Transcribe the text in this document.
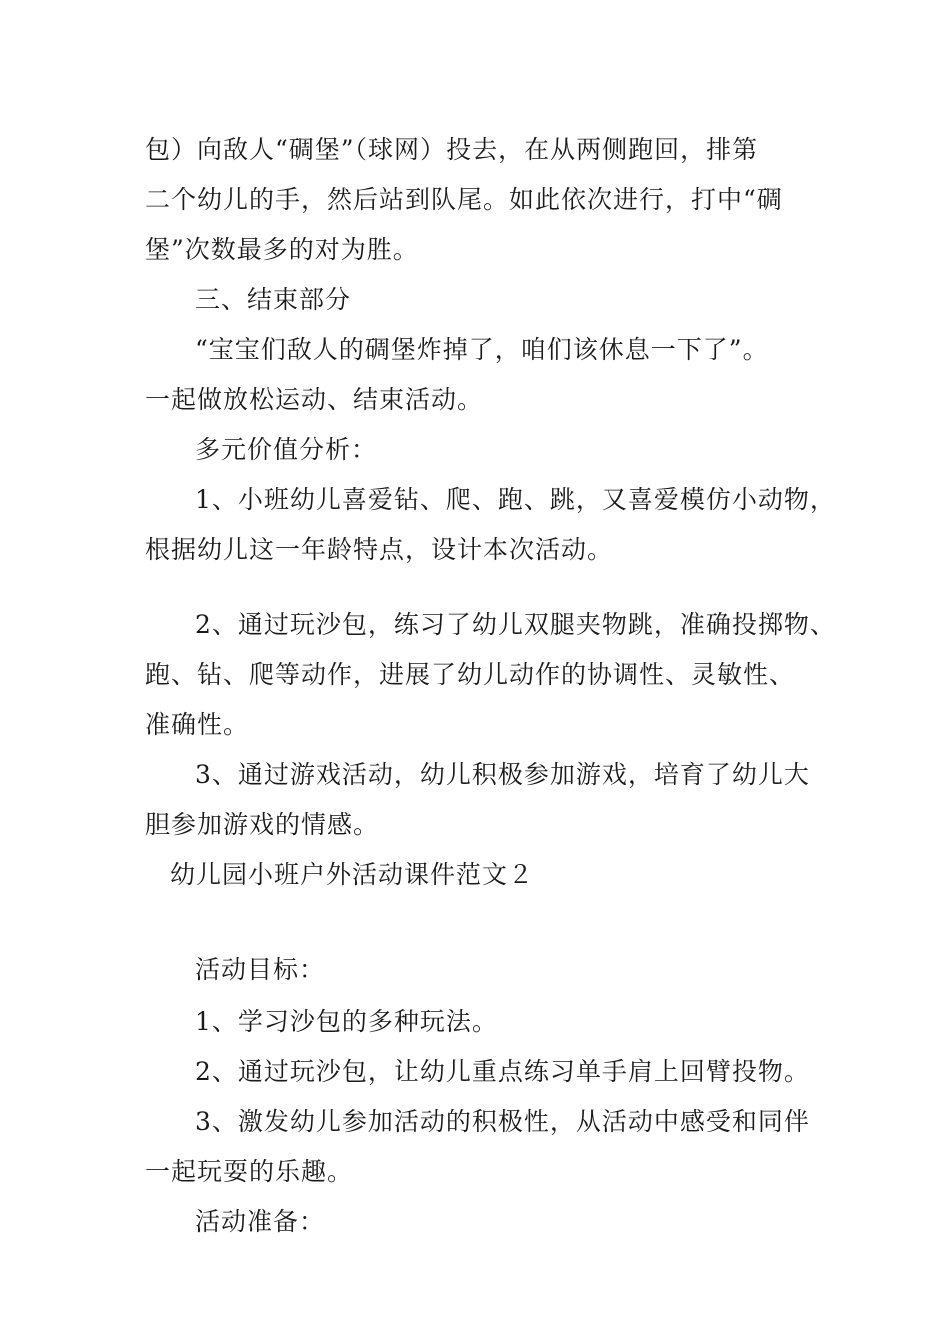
包）向敌人“碉堡”（球网）投去，在从两侧跑回，排第

二个幼儿的手，然后站到队尾。如此依次进行，打中“碉

堡”次数最多的对为胜。

三、结束部分

“宝宝们敌人的碉堡炸掉了，咱们该休息一下了”。

一起做放松运动、结束活动。

多元价值分析：

1、小班幼儿喜爱钻、爬、跑、跳，又喜爱模仿小动物，

根据幼儿这一年龄特点，设计本次活动。

2、通过玩沙包，练习了幼儿双腿夹物跳，准确投掷物、

跑、钻、爬等动作，进展了幼儿动作的协调性、灵敏性、

准确性。

3、通过游戏活动，幼儿积极参加游戏，培育了幼儿大

胆参加游戏的情感。

幼儿园小班户外活动课件范文２

活动目标：

1、学习沙包的多种玩法。

2、通过玩沙包，让幼儿重点练习单手肩上回臂投物。

3、激发幼儿参加活动的积极性，从活动中感受和同伴

一起玩耍的乐趣。

活动准备：
